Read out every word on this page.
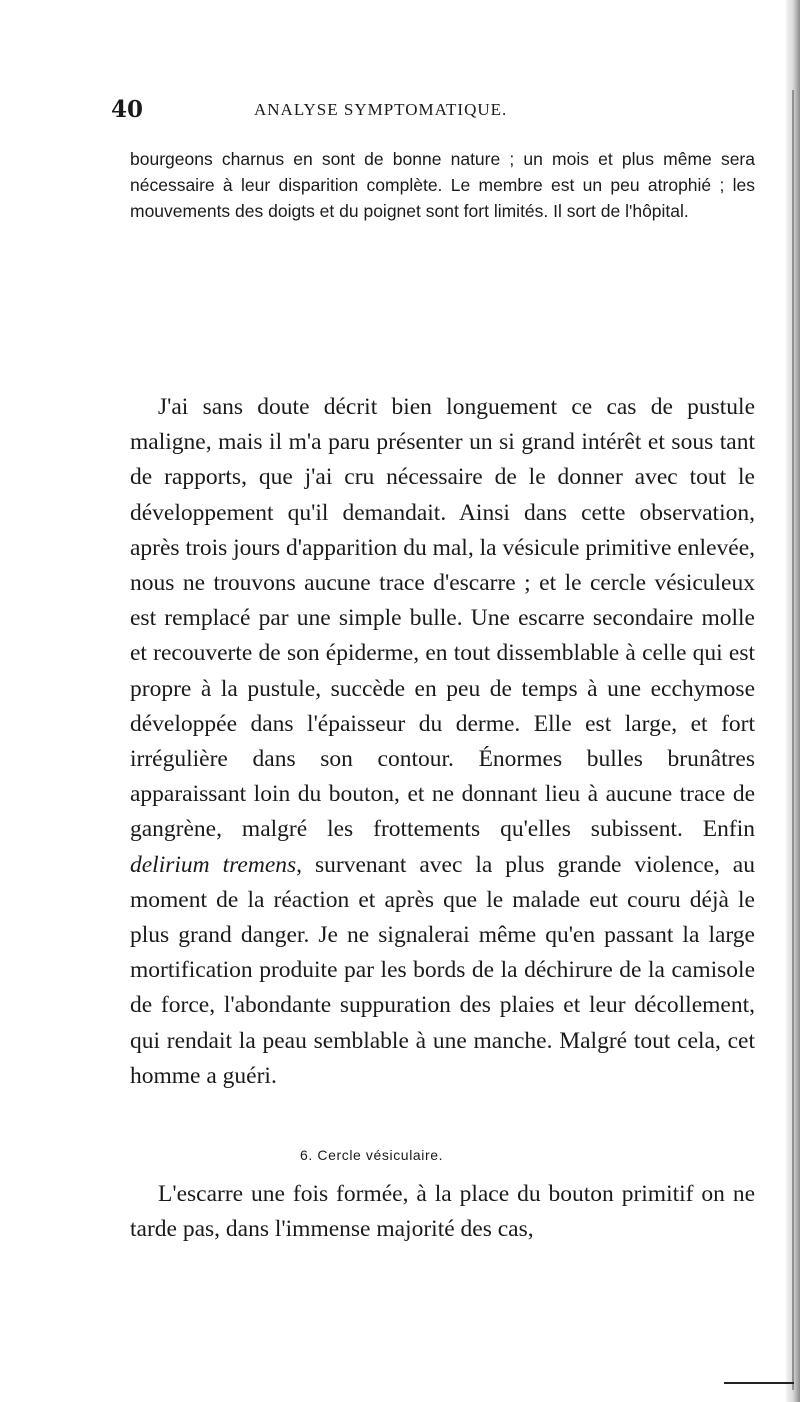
40	ANALYSE SYMPTOMATIQUE.
bourgeons charnus en sont de bonne nature ; un mois et plus même sera nécessaire à leur disparition complète. Le membre est un peu atrophié ; les mouvements des doigts et du poignet sont fort limités. Il sort de l'hôpital.

J'ai sans doute décrit bien longuement ce cas de pustule maligne, mais il m'a paru présenter un si grand intérêt et sous tant de rapports, que j'ai cru nécessaire de le donner avec tout le développement qu'il demandait. Ainsi dans cette observation, après trois jours d'apparition du mal, la vésicule primitive enlevée, nous ne trouvons aucune trace d'escarre ; et le cercle vésiculeux est remplacé par une simple bulle. Une escarre secondaire molle et recouverte de son épiderme, en tout dissemblable à celle qui est propre à la pustule, succède en peu de temps à une ecchymose développée dans l'épaisseur du derme. Elle est large, et fort irrégulière dans son contour. Énormes bulles brunâtres apparaissant loin du bouton, et ne donnant lieu à aucune trace de gangrène, malgré les frottements qu'elles subissent. Enfin delirium tremens, survenant avec la plus grande violence, au moment de la réaction et après que le malade eut couru déjà le plus grand danger. Je ne signalerai même qu'en passant la large mortification produite par les bords de la déchirure de la camisole de force, l'abondante suppuration des plaies et leur décollement, qui rendait la peau semblable à une manche. Malgré tout cela, cet homme a guéri.

6. Cercle vésiculaire.
L'escarre une fois formée, à la place du bouton primitif on ne tarde pas, dans l'immense majorité des cas,
